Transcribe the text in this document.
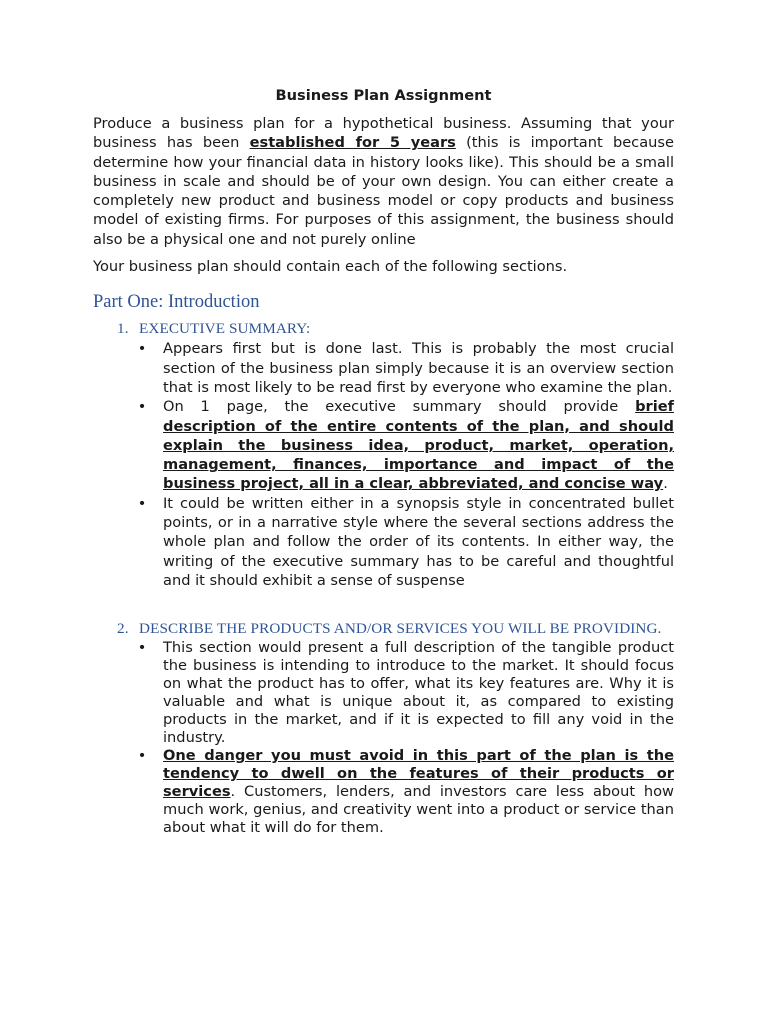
Business Plan Assignment

Produce a business plan for a hypothetical business. Assuming that your business has been established for 5 years (this is important because determine how your financial data in history looks like). This should be a small business in scale and should be of your own design. You can either create a completely new product and business model or copy products and business model of existing firms. For purposes of this assignment, the business should also be a physical one and not purely online

Your business plan should contain each of the following sections.

Part One: Introduction
1. EXECUTIVE SUMMARY:
• Appears first but is done last. This is probably the most crucial section of the business plan simply because it is an overview section that is most likely to be read first by everyone who examine the plan.
• On 1 page, the executive summary should provide brief description of the entire contents of the plan, and should explain the business idea, product, market, operation, management, finances, importance and impact of the business project, all in a clear, abbreviated, and concise way.
• It could be written either in a synopsis style in concentrated bullet points, or in a narrative style where the several sections address the whole plan and follow the order of its contents. In either way, the writing of the executive summary has to be careful and thoughtful and it should exhibit a sense of suspense
2. DESCRIBE THE PRODUCTS AND/OR SERVICES YOU WILL BE PROVIDING.
• This section would present a full description of the tangible product the business is intending to introduce to the market. It should focus on what the product has to offer, what its key features are. Why it is valuable and what is unique about it, as compared to existing products in the market, and if it is expected to fill any void in the industry.
• One danger you must avoid in this part of the plan is the tendency to dwell on the features of their products or services. Customers, lenders, and investors care less about how much work, genius, and creativity went into a product or service than about what it will do for them.
